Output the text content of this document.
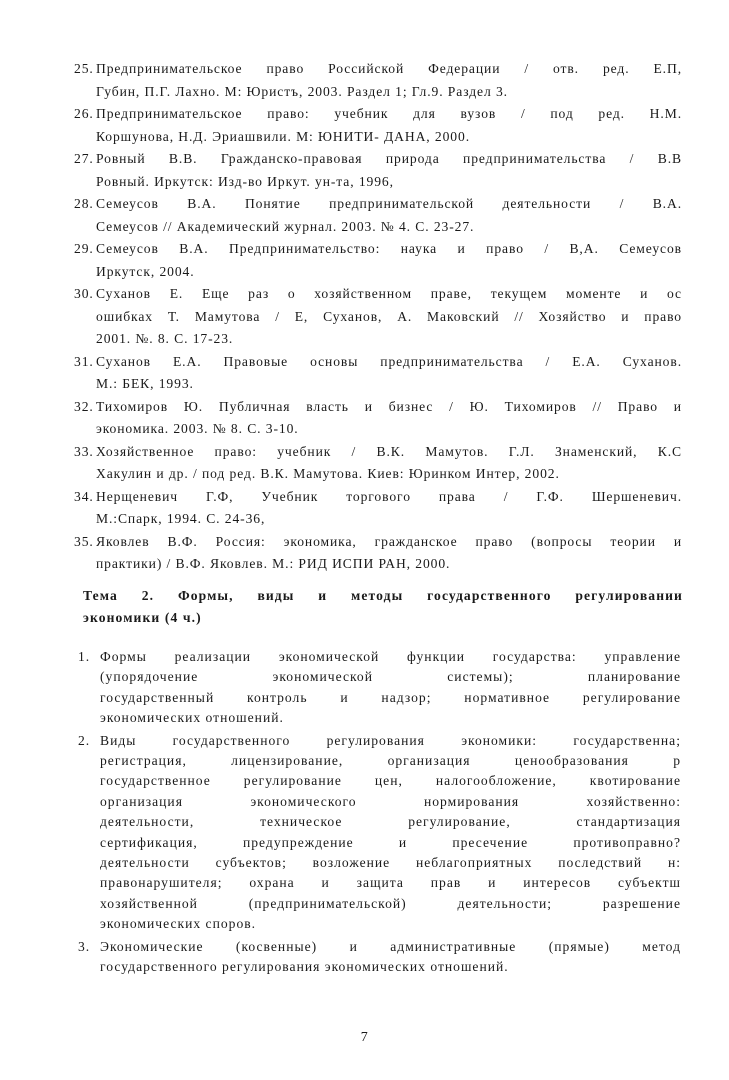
25. Предпринимательское право Российской Федерации / отв. ред. Е.П,
Губин, П.Г. Лахно. М: Юристъ, 2003. Раздел 1; Гл.9. Раздел 3.
26. Предпринимательское право: учебник для вузов / под ред. Н.М.
Коршунова, Н.Д. Эриашвили. М: ЮНИТИ- ДАНА, 2000.
27. Ровный В.В. Гражданско-правовая природа предпринимательства / В.В
Ровный. Иркутск: Изд-во Иркут. ун-та, 1996,
28. Семеусов В.А. Понятие предпринимательской деятельности / В.А.
Семеусов // Академический журнал. 2003. № 4. С. 23-27.
29. Семеусов В.А. Предпринимательство: наука и право / В,А. Семеусов
Иркутск, 2004.
30. Суханов Е. Еще раз о хозяйственном праве, текущем моменте и ос
ошибках Т. Мамутова / Е, Суханов, А. Маковский // Хозяйство и право
2001. №. 8. С. 17-23.
31. Суханов Е.А. Правовые основы предпринимательства / Е.А. Суханов.
М.: БЕК, 1993.
32. Тихомиров Ю. Публичная власть и бизнес / Ю. Тихомиров // Право и
экономика. 2003. № 8. С. 3-10.
33. Хозяйственное право: учебник / В.К. Мамутов. Г.Л. Знаменский, К.С
Хакулин и др. / под ред. В.К. Мамутова. Киев: Юринком Интер, 2002.
34. Нерщеневич Г.Ф, Учебник торгового права / Г.Ф. Шершеневич.
М.:Спарк, 1994. С. 24-36,
35. Яковлев В.Ф. Россия: экономика, гражданское право (вопросы теории и
практики) / В.Ф. Яковлев. М.: РИД ИСПИ РАН, 2000.
Тема 2. Формы, виды и методы государственного регулировании
экономики (4 ч.)
1. Формы реализации экономической функции государства: управление
(упорядочение экономической системы); планирование
государственный контроль и надзор; нормативное регулирование
экономических отношений.
2. Виды государственного регулирования экономики: государственна;
регистрация, лицензирование, организация ценообразования р
государственное регулирование цен, налогообложение, квотирование
организация экономического нормирования хозяйственно:
деятельности, техническое регулирование, стандартизация
сертификация, предупреждение и пресечение противоправно?
деятельности субъектов; возложение неблагоприятных последствий н:
правонарушителя; охрана и защита прав и интересов субъектш
хозяйственной (предпринимательской) деятельности; разрешение
экономических споров.
3. Экономические (косвенные) и административные (прямые) метод
государственного регулирования экономических отношений.
7
